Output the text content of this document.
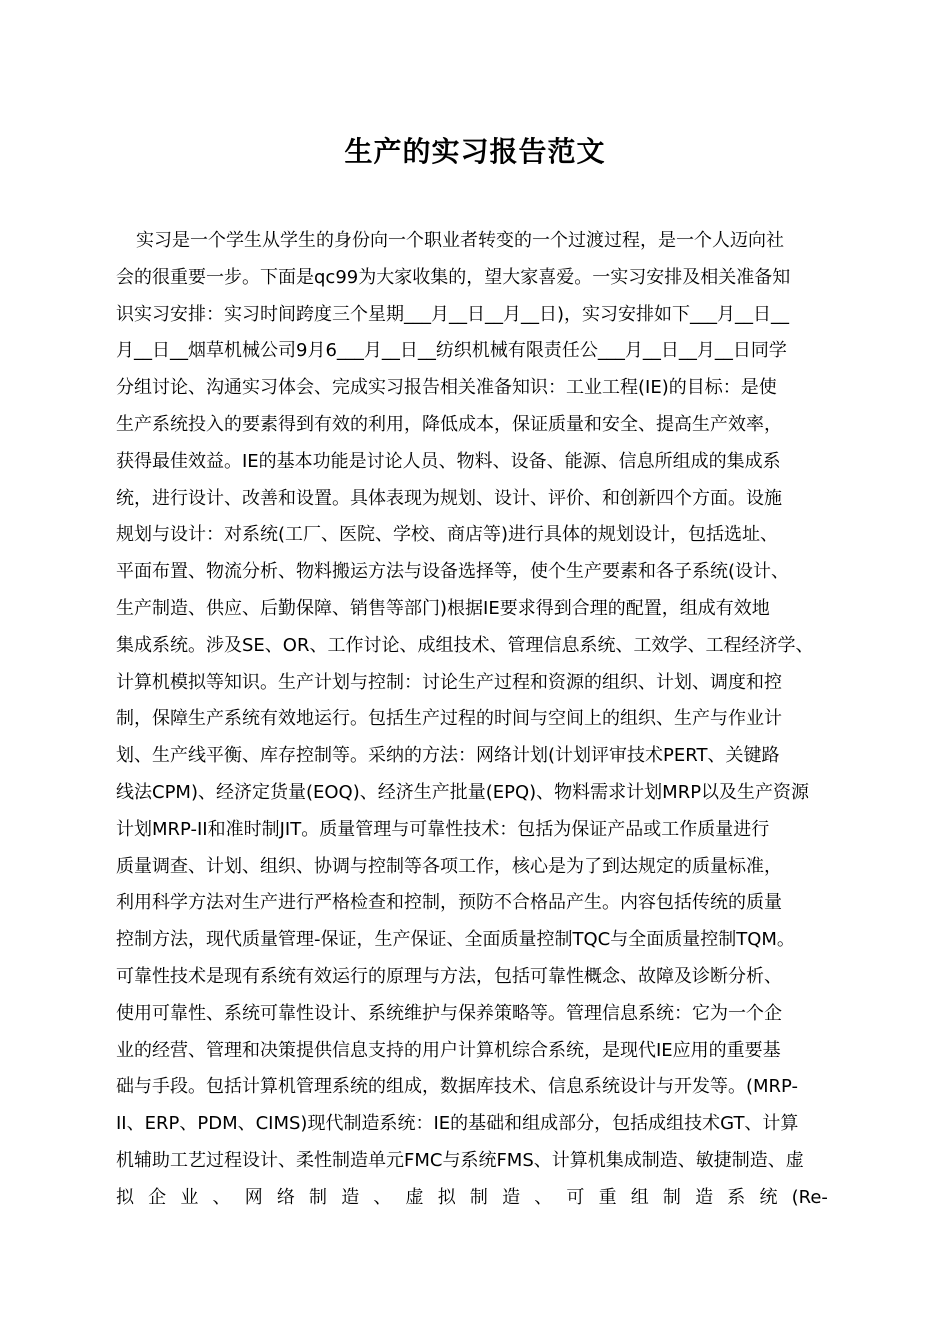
生产的实习报告范文
实习是一个学生从学生的身份向一个职业者转变的一个过渡过程，是一个人迈向社
会的很重要一步。下面是qc99为大家收集的，望大家喜爱。一实习安排及相关准备知
识实习安排：实习时间跨度三个星期___月__日__月__日)，实习安排如下___月__日__
月__日__烟草机械公司9月6___月__日__纺织机械有限责任公___月__日__月__日同学
分组讨论、沟通实习体会、完成实习报告相关准备知识：工业工程(IE)的目标：是使
生产系统投入的要素得到有效的利用，降低成本，保证质量和安全、提高生产效率，
获得最佳效益。IE的基本功能是讨论人员、物料、设备、能源、信息所组成的集成系
统，进行设计、改善和设置。具体表现为规划、设计、评价、和创新四个方面。设施
规划与设计：对系统(工厂、医院、学校、商店等)进行具体的规划设计，包括选址、
平面布置、物流分析、物料搬运方法与设备选择等，使个生产要素和各子系统(设计、
生产制造、供应、后勤保障、销售等部门)根据IE要求得到合理的配置，组成有效地
集成系统。涉及SE、OR、工作讨论、成组技术、管理信息系统、工效学、工程经济学、
计算机模拟等知识。生产计划与控制：讨论生产过程和资源的组织、计划、调度和控
制，保障生产系统有效地运行。包括生产过程的时间与空间上的组织、生产与作业计
划、生产线平衡、库存控制等。采纳的方法：网络计划(计划评审技术PERT、关键路
线法CPM)、经济定货量(EOQ)、经济生产批量(EPQ)、物料需求计划MRP以及生产资源
计划MRP-II和准时制JIT。质量管理与可靠性技术：包括为保证产品或工作质量进行
质量调查、计划、组织、协调与控制等各项工作，核心是为了到达规定的质量标准，
利用科学方法对生产进行严格检查和控制，预防不合格品产生。内容包括传统的质量
控制方法，现代质量管理-保证，生产保证、全面质量控制TQC与全面质量控制TQM。
可靠性技术是现有系统有效运行的原理与方法，包括可靠性概念、故障及诊断分析、
使用可靠性、系统可靠性设计、系统维护与保养策略等。管理信息系统：它为一个企
业的经营、管理和决策提供信息支持的用户计算机综合系统，是现代IE应用的重要基
础与手段。包括计算机管理系统的组成，数据库技术、信息系统设计与开发等。(MRP-
II、ERP、PDM、CIMS)现代制造系统：IE的基础和组成部分，包括成组技术GT、计算
机辅助工艺过程设计、柔性制造单元FMC与系统FMS、计算机集成制造、敏捷制造、虚
拟 企 业 、 网 络 制 造 、 虚 拟 制 造 、 可 重 组 制 造 系 统 (Re-
